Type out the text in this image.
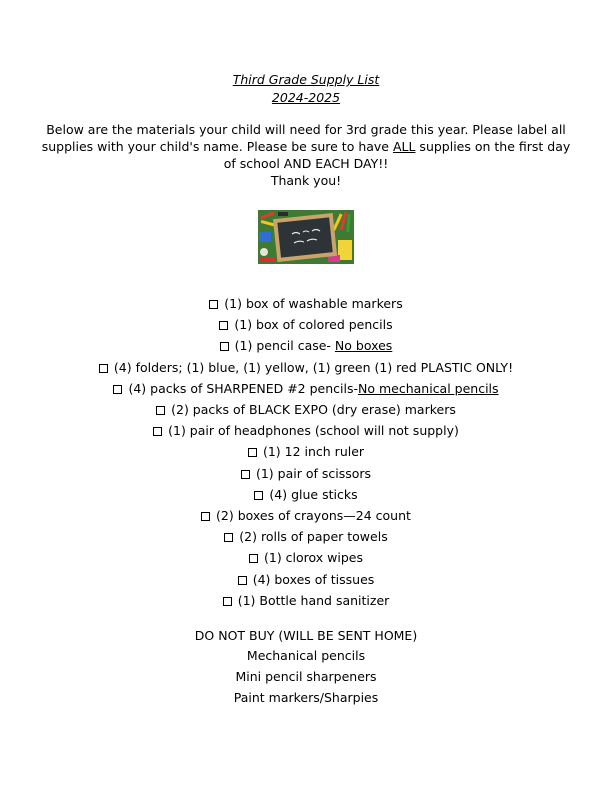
Third Grade Supply List
2024-2025
Below are the materials your child will need for 3rd grade this year. Please label all supplies with your child's name. Please be sure to have ALL supplies on the first day of school AND EACH DAY!!
Thank you!
(1) box of washable markers
(1) box of colored pencils
(1) pencil case- No boxes
(4) folders; (1) blue, (1) yellow, (1) green (1) red PLASTIC ONLY!
(4) packs of SHARPENED #2 pencils-No mechanical pencils
(2) packs of BLACK EXPO (dry erase) markers
(1) pair of headphones (school will not supply)
(1) 12 inch ruler
(1) pair of scissors
(4) glue sticks
(2) boxes of crayons—24 count
(2) rolls of paper towels
(1) clorox wipes
(4) boxes of tissues
(1) Bottle hand sanitizer
DO NOT BUY (WILL BE SENT HOME)
Mechanical pencils
Mini pencil sharpeners
Paint markers/Sharpies
